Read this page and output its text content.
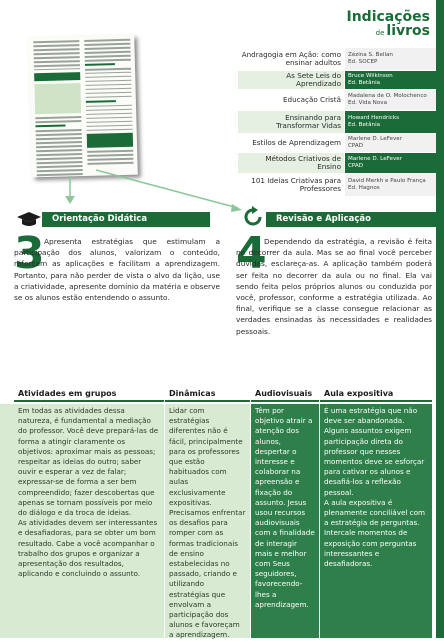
Indicações
de livros
Andragogia em Ação: como ensinar adultos
Zézina S. Bellan
Ed. SOCEP
As Sete Leis do Aprendizado
Bruce Wilkinson
Ed. Betânia
Educação Cristã	Madalena de O. Molochenco
Ed. Vida Nova
Ensinando para Transformar Vidas
Howard Hendricks
Ed. Betânia
Estilos de Aprendizagem	Marlene D. LeFever
CPAD
Métodos Criativos de Ensino
Marlene D. LeFever
CPAD
101 Ideias Criativas para Professores
David Merkh e Paulo França
Ed. Hagnos
Orientação Didática
3 Apresenta estratégias que estimulam a participação dos alunos, valorizam o conteúdo, reforçam as aplicações e facilitam a aprendizagem. Portanto, para não perder de vista o alvo da lição, use a criatividade, apresente domínio da matéria e observe se os alunos estão entendendo o assunto.
Revisão e Aplicação
4
Dependendo da estratégia, a revisão é feita no decorrer da aula. Mas se ao final você perceber dúvidas, esclareça-as. A aplicação também poderá ser feita no decorrer da aula ou no final. Ela vai sendo feita pelos próprios alunos ou conduzida por você, professor, conforme a estratégia utilizada. Ao final, verifique se a classe consegue relacionar as verdades ensinadas às necessidades e realidades pessoais.
Atividades em grupos

Em todas as atividades dessa natureza, é fundamental a mediação do professor. Você deve prepará-las de forma a atingir claramente os objetivos: aproximar mais as pessoas; respeitar as ideias do outro; saber ouvir e esperar a vez de falar; expressar-se de forma a ser bem compreendido; fazer descobertas que apenas se tornam possíveis por meio do diálogo e da troca de ideias.

As atividades devem ser interessantes e desafiadoras, para se obter um bom resultado. Cabe a você acompanhar o trabalho dos grupos e organizar a apresentação dos resultados, aplicando e concluindo o assunto.

Dinâmicas

Lidar com estratégias diferentes não é fácil, principalmente para os professores que estão habituados com aulas exclusivamente expositivas. Precisamos enfrentar os desafios para romper com as formas tradicionais de ensino estabelecidas no passado, criando e utilizando estratégias que envolvam a participação dos alunos e favoreçam a aprendizagem.

Audiovisuais

Têm por objetivo atrair a atenção dos alunos, despertar o interesse e colaborar na apreensão e fixação do assunto. Jesus usou recursos audiovisuais com a finalidade de interagir mais e melhor com Seus seguidores, favorecendo-lhes a aprendizagem.

Aula expositiva

É uma estratégia que não deve ser abandonada. Alguns assuntos exigem participação direta do professor que nesses momentos deve se esforçar para cativar os alunos e desafiá-los a reflexão pessoal.

A aula expositiva é plenamente conciliável com a estratégia de perguntas. Intercale momentos de exposição com perguntas interessantes e desafiadoras.
